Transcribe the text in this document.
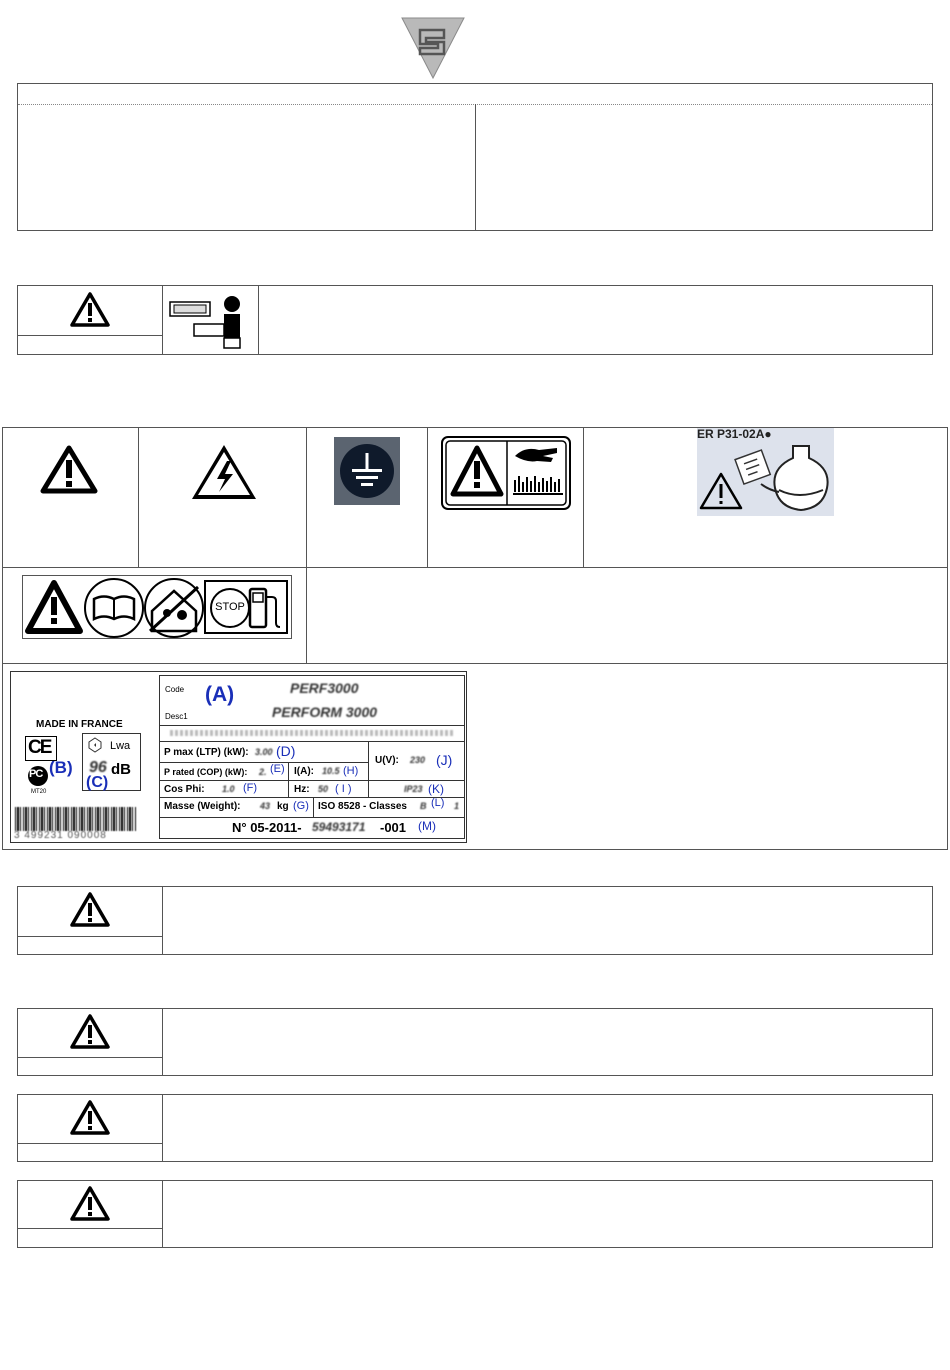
ER P31-02A●
STOP
Code (A)	PERF3000
Desc1	PERFORM 3000
P max (LTP) (kW): 3.00 (D)
U(V): 230 (J)
P rated (COP) (kW): 2. (E) I(A): 10.5 (H)
Cos Phi: 1.0 (F)	Hz: 50 ( I )	IP23 (K)
Masse (Weight): 43 kg (G) ISO 8528 - Classes B (L) 1
N° 05-2011- 59493171 -001 (M)
MADE IN FRANCE
CE
PC (B)
MT20
Lwa
96 dB
(C)
3 499231 090008
